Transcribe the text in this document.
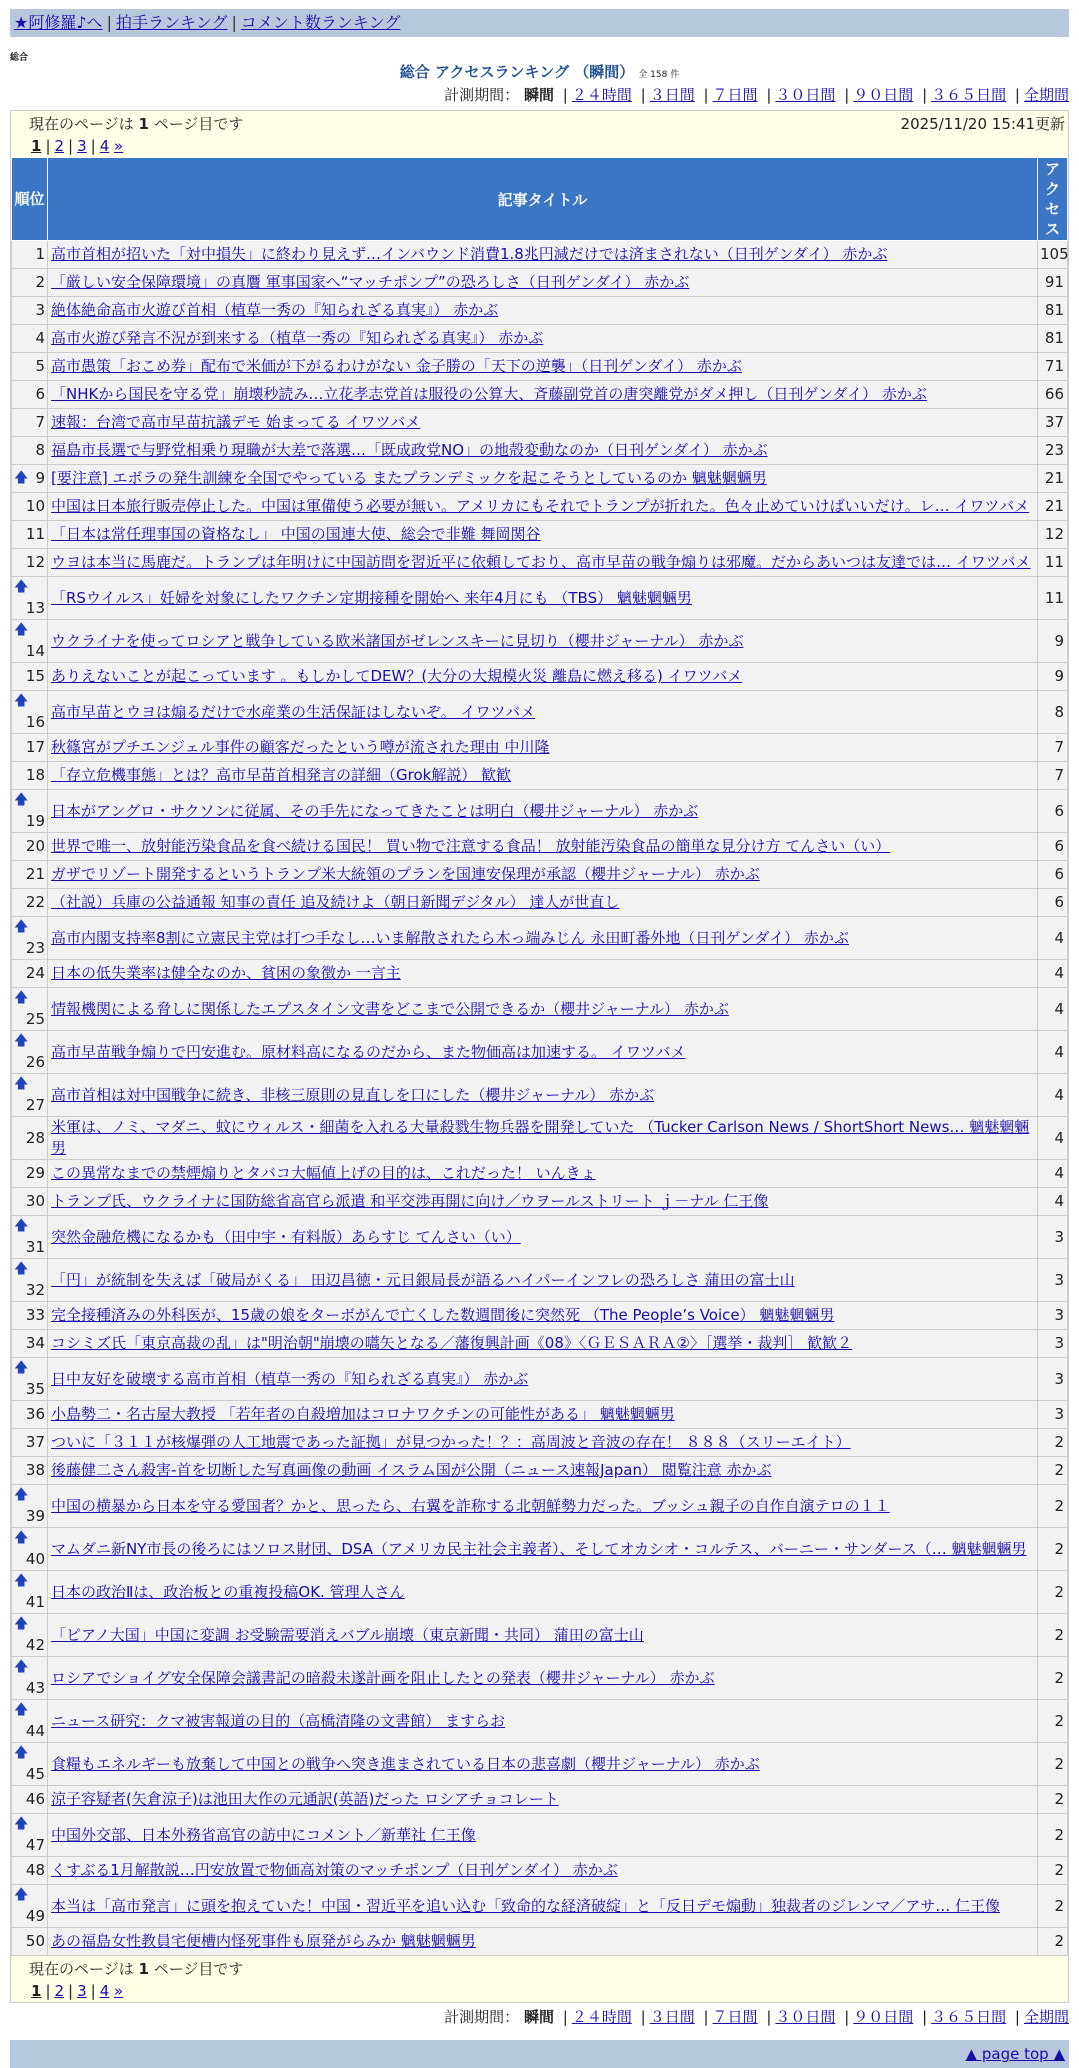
★阿修羅♪へ | 拍手ランキング | コメント数ランキング
総合
総合 アクセスランキング （瞬間） 全 158 件
計測期間： 瞬間 | ２４時間 | ３日間 | ７日間 | ３０日間 | ９０日間 | ３６５日間 | 全期間
現在のページは 1 ページ目です	2025/11/20 15:41更新
1 | 2 | 3 | 4 »
順位	記事タイトル	アクセス
1	高市首相が招いた「対中損失」に終わり見えず…インバウンド消費1.8兆円減だけでは済まされない（日刊ゲンダイ） 赤かぶ	105
2	「厳しい安全保障環境」の真贋 軍事国家へ“マッチポンプ”の恐ろしさ（日刊ゲンダイ） 赤かぶ	91
3	絶体絶命高市火遊び首相（植草一秀の『知られざる真実』） 赤かぶ	81
4	高市火遊び発言不況が到来する（植草一秀の『知られざる真実』） 赤かぶ	81
5	高市愚策「おこめ券」配布で米価が下がるわけがない 金子勝の「天下の逆襲」（日刊ゲンダイ） 赤かぶ	71
6	「NHKから国民を守る党」崩壊秒読み…立花孝志党首は服役の公算大、斉藤副党首の唐突離党がダメ押し（日刊ゲンダイ） 赤かぶ	66
7	速報：台湾で高市早苗抗議デモ 始まってる イワツバメ	37
8	福島市長選で与野党相乗り現職が大差で落選…「既成政党NO」の地殻変動なのか（日刊ゲンダイ） 赤かぶ	23

🡅 9	[要注意] エボラの発生訓練を全国でやっている またプランデミックを起こそうとしているのか 魑魅魍魎男	21
10	中国は日本旅行販売停止した。中国は軍備使う必要が無い。アメリカにもそれでトランプが折れた。色々止めていけばいいだけ。レ… イワツバメ	21
11	「日本は常任理事国の資格なし」 中国の国連大使、総会で非難 舞岡関谷	12
12	ウヨは本当に馬鹿だ。トランプは年明けに中国訪問を習近平に依頼しており、高市早苗の戦争煽りは邪魔。だからあいつは友達では… イワツバメ	11

🡅
13	「RSウイルス」妊婦を対象にしたワクチン定期接種を開始へ 来年4月にも （TBS） 魑魅魍魎男	11

🡅
14	ウクライナを使ってロシアと戦争している欧米諸国がゼレンスキーに見切り（櫻井ジャーナル） 赤かぶ	9
15	ありえないことが起こっています 。もしかしてDEW？(大分の大規模火災 離島に燃え移る) イワツバメ	9

🡅
16	高市早苗とウヨは煽るだけで水産業の生活保証はしないぞ。 イワツバメ	8
17	秋篠宮がプチエンジェル事件の顧客だったという噂が流された理由 中川隆	7
18	「存立危機事態」とは？高市早苗首相発言の詳細（Grok解説） 歓歓	7

🡅
19	日本がアングロ・サクソンに従属、その手先になってきたことは明白（櫻井ジャーナル） 赤かぶ	6
20	世界で唯一、放射能汚染食品を食べ続ける国民！ 買い物で注意する食品！ 放射能汚染食品の簡単な見分け方 てんさい（い）	6
21	ガザでリゾート開発するというトランプ米大統領のプランを国連安保理が承認（櫻井ジャーナル） 赤かぶ	6
22	（社説）兵庫の公益通報 知事の責任 追及続けよ（朝日新聞デジタル） 達人が世直し	6

🡅
23	高市内閣支持率8割に立憲民主党は打つ手なし…いま解散されたら木っ端みじん 永田町番外地（日刊ゲンダイ） 赤かぶ	4
24	日本の低失業率は健全なのか、貧困の象徴か 一言主	4

🡅
25	情報機関による脅しに関係したエプスタイン文書をどこまで公開できるか（櫻井ジャーナル） 赤かぶ	4

🡅
26	高市早苗戦争煽りで円安進む。原材料高になるのだから、また物価高は加速する。 イワツバメ	4

🡅
27	高市首相は対中国戦争に続き、非核三原則の見直しを口にした（櫻井ジャーナル） 赤かぶ	4
28	米軍は、ノミ、マダニ、蚊にウィルス・細菌を入れる大量殺戮生物兵器を開発していた （Tucker Carlson News / ShortShort News… 魑魅魍魎男	4
29	この異常なまでの禁煙煽りとタバコ大幅値上げの目的は、これだった！ いんきょ	4
30	トランプ氏、ウクライナに国防総省高官ら派遣 和平交渉再開に向け／ウヲールストリート ｊ－ナル 仁王像	4

🡅
31	突然金融危機になるかも（田中宇・有料版）あらすじ てんさい（い）	3

🡅
32	「円」が統制を失えば「破局がくる」 田辺昌徳・元日銀局長が語るハイパーインフレの恐ろしさ 蒲田の富士山	3
33	完全接種済みの外科医が、15歳の娘をターボがんで亡くした数週間後に突然死 （The People’s Voice） 魑魅魍魎男	3
34	コシミズ氏「東京高裁の乱」は"明治朝"崩壊の嚆矢となる／藩復興計画《08》〈ＧＥＳＡＲＡ②〉［選挙・裁判］ 歓歓２	3

🡅
35	日中友好を破壊する高市首相（植草一秀の『知られざる真実』） 赤かぶ	3
36	小島勢二・名古屋大教授 「若年者の自殺増加はコロナワクチンの可能性がある」 魑魅魍魎男	3
37	ついに「３１１が核爆弾の人工地震であった証拠」が見つかった！？：高周波と音波の存在！ ８８８（スリーエイト）	2
38	後藤健二さん殺害-首を切断した写真画像の動画 イスラム国が公開（ニュース速報Japan） 閲覧注意 赤かぶ	2

🡅
39	中国の横暴から日本を守る愛国者？かと、思ったら、右翼を詐称する北朝鮮勢力だった。ブッシュ親子の自作自演テロの１１	2

🡅
40	マムダニ新NY市長の後ろにはソロス財団、DSA（アメリカ民主社会主義者）、そしてオカシオ・コルテス、バーニー・サンダース（… 魑魅魍魎男	2

🡅
41	日本の政治Ⅱは、政治板との重複投稿OK. 管理人さん	2

🡅
42	「ピアノ大国」中国に変調 お受験需要消えバブル崩壊（東京新聞・共同） 蒲田の富士山	2

🡅
43	ロシアでショイグ安全保障会議書記の暗殺未遂計画を阻止したとの発表（櫻井ジャーナル） 赤かぶ	2

🡅
44	ニュース研究：クマ被害報道の目的（高橋清隆の文書館） ますらお	2

🡅
45	食糧もエネルギーも放棄して中国との戦争へ突き進まされている日本の悲喜劇（櫻井ジャーナル） 赤かぶ	2
46	涼子容疑者(矢倉涼子)は池田大作の元通訳(英語)だった ロシアチョコレート	2

🡅
47	中国外交部、日本外務省高官の訪中にコメント／新華社 仁王像	2
48	くすぶる1月解散説…円安放置で物価高対策のマッチポンプ（日刊ゲンダイ） 赤かぶ	2

🡅
49	本当は「高市発言」に頭を抱えていた！中国・習近平を追い込む「致命的な経済破綻」と「反日デモ煽動」独裁者のジレンマ／アサ… 仁王像	2
50	あの福島女性教員宅便槽内怪死事件も原発がらみか 魑魅魍魎男	2
現在のページは 1 ページ目です
1 | 2 | 3 | 4 »
計測期間： 瞬間 | ２４時間 | ３日間 | ７日間 | ３０日間 | ９０日間 | ３６５日間 | 全期間
▲ page top ▲
